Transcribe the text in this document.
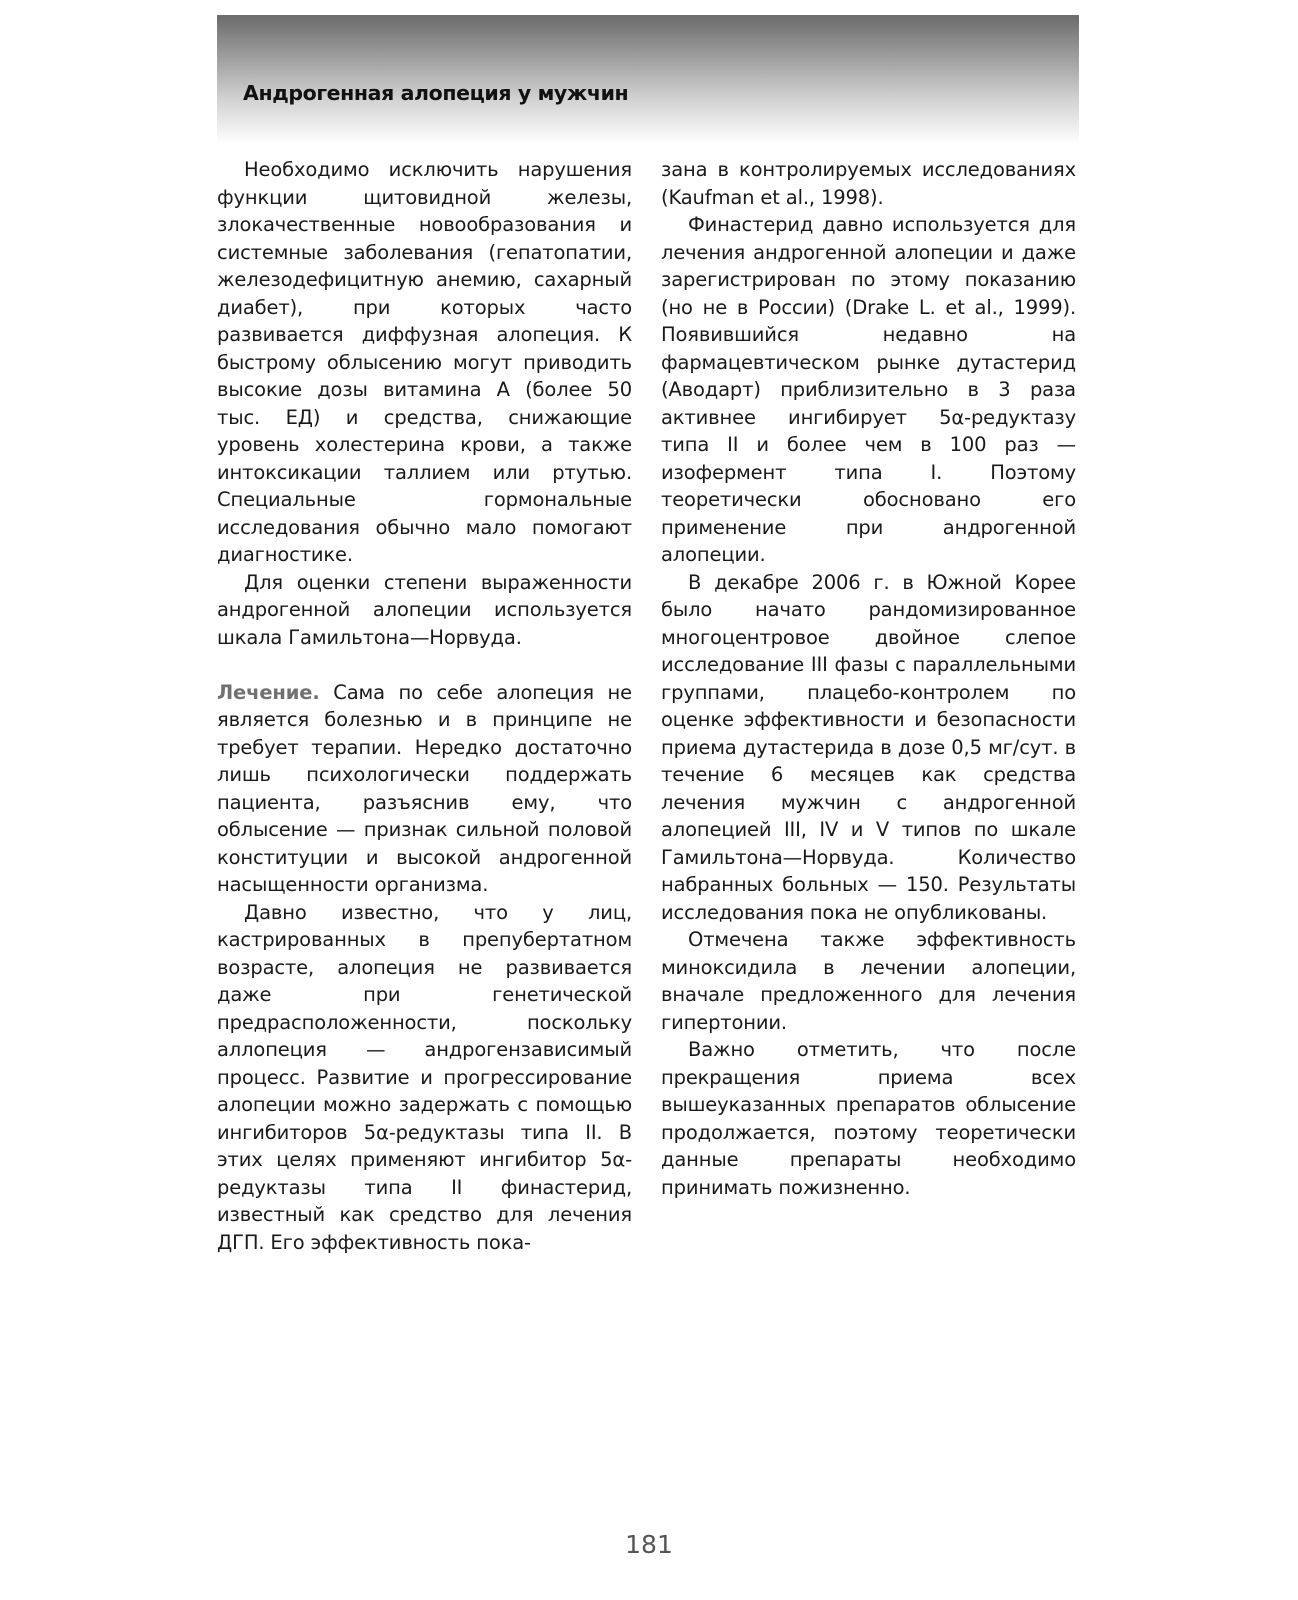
Андрогенная алопеция у мужчин

Необходимо исключить нарушения функции щитовидной железы, злокачественные новообразования и системные заболевания (гепатопатии, железодефицитную анемию, сахарный диабет), при которых часто развивается диффузная алопеция. К быстрому облысению могут приводить высокие дозы витамина А (более 50 тыс. ЕД) и средства, снижающие уровень холестерина крови, а также интоксикации таллием или ртутью. Специальные гормональные исследования обычно мало помогают диагностике.

Для оценки степени выраженности андрогенной алопеции используется шкала Гамильтона—Норвуда.

Лечение. Сама по себе алопеция не является болезнью и в принципе не требует терапии. Нередко достаточно лишь психологически поддержать пациента, разъяснив ему, что облысение — признак сильной половой конституции и высокой андрогенной насыщенности организма.

Давно известно, что у лиц, кастрированных в препубертатном возрасте, алопеция не развивается даже при генетической предрасположенности, поскольку аллопеция — андрогензависимый процесс. Развитие и прогрессирование алопеции можно задержать с помощью ингибиторов 5α-редуктазы типа II. В этих целях применяют ингибитор 5α-редуктазы типа II финастерид, известный как средство для лечения ДГП. Его эффективность пока-

зана в контролируемых исследованиях (Kaufman et al., 1998).

Финастерид давно используется для лечения андрогенной алопеции и даже зарегистрирован по этому показанию (но не в России) (Drake L. et al., 1999). Появившийся недавно на фармацевтическом рынке дутастерид (Аводарт) приблизительно в 3 раза активнее ингибирует 5α-редуктазу типа II и более чем в 100 раз — изофермент типа I. Поэтому теоретически обосновано его применение при андрогенной алопеции.

В декабре 2006 г. в Южной Корее было начато рандомизированное многоцентровое двойное слепое исследование III фазы с параллельными группами, плацебо-контролем по оценке эффективности и безопасности приема дутастерида в дозе 0,5 мг/сут. в течение 6 месяцев как средства лечения мужчин с андрогенной алопецией III, IV и V типов по шкале Гамильтона—Норвуда. Количество набранных больных — 150. Результаты исследования пока не опубликованы.

Отмечена также эффективность миноксидила в лечении алопеции, вначале предложенного для лечения гипертонии.

Важно отметить, что после прекращения приема всех вышеуказанных препаратов облысение продолжается, поэтому теоретически данные препараты необходимо принимать пожизненно.

181
